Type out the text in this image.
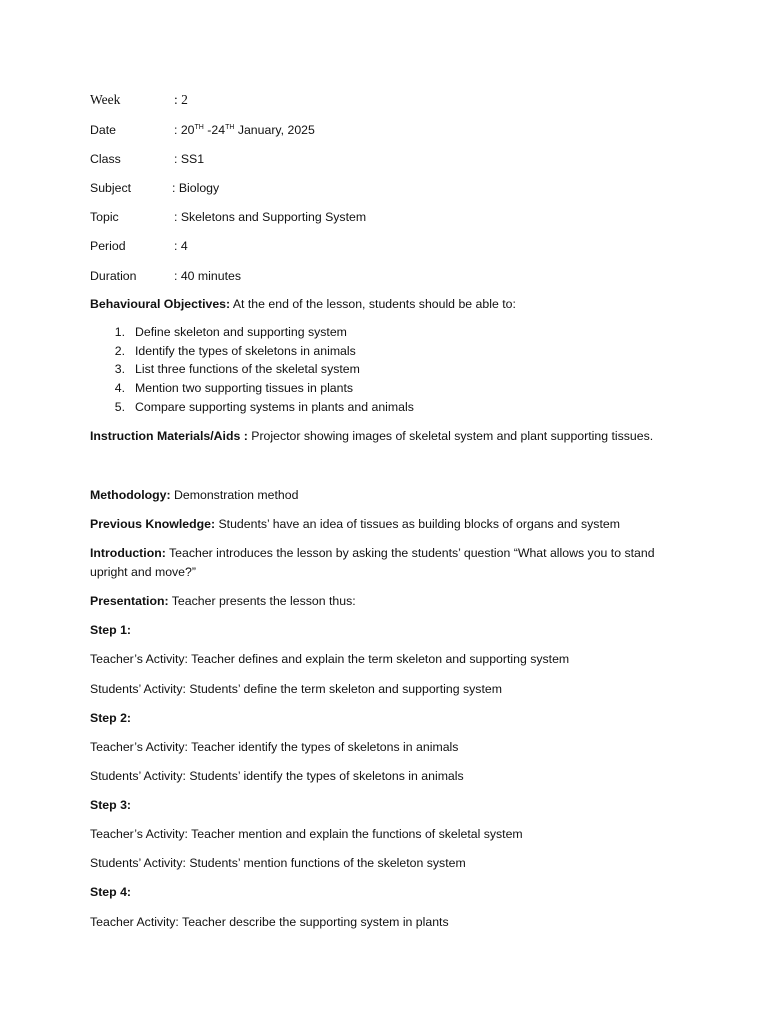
Week	: 2
Date	: 20TH -24TH January, 2025
Class	: SS1
Subject	: Biology
Topic	: Skeletons and Supporting System
Period	: 4
Duration	: 40 minutes
Behavioural Objectives: At the end of the lesson, students should be able to:
1. Define skeleton and supporting system
2. Identify the types of skeletons in animals
3. List three functions of the skeletal system
4. Mention two supporting tissues in plants
5. Compare supporting systems in plants and animals
Instruction Materials/Aids : Projector showing images of skeletal system and plant supporting tissues.
Methodology: Demonstration method
Previous Knowledge: Students’ have an idea of tissues as building blocks of organs and system
Introduction: Teacher introduces the lesson by asking the students’ question “What allows you to stand upright and move?”
Presentation: Teacher presents the lesson thus:
Step 1:
Teacher’s Activity: Teacher defines and explain the term skeleton and supporting system
Students’ Activity: Students’ define the term skeleton and supporting system
Step 2:
Teacher’s Activity: Teacher identify the types of skeletons in animals
Students’ Activity: Students’ identify the types of skeletons in animals
Step 3:
Teacher’s Activity: Teacher mention and explain the functions of skeletal system
Students’ Activity: Students’ mention functions of the skeleton system
Step 4:
Teacher Activity: Teacher describe the supporting system in plants
